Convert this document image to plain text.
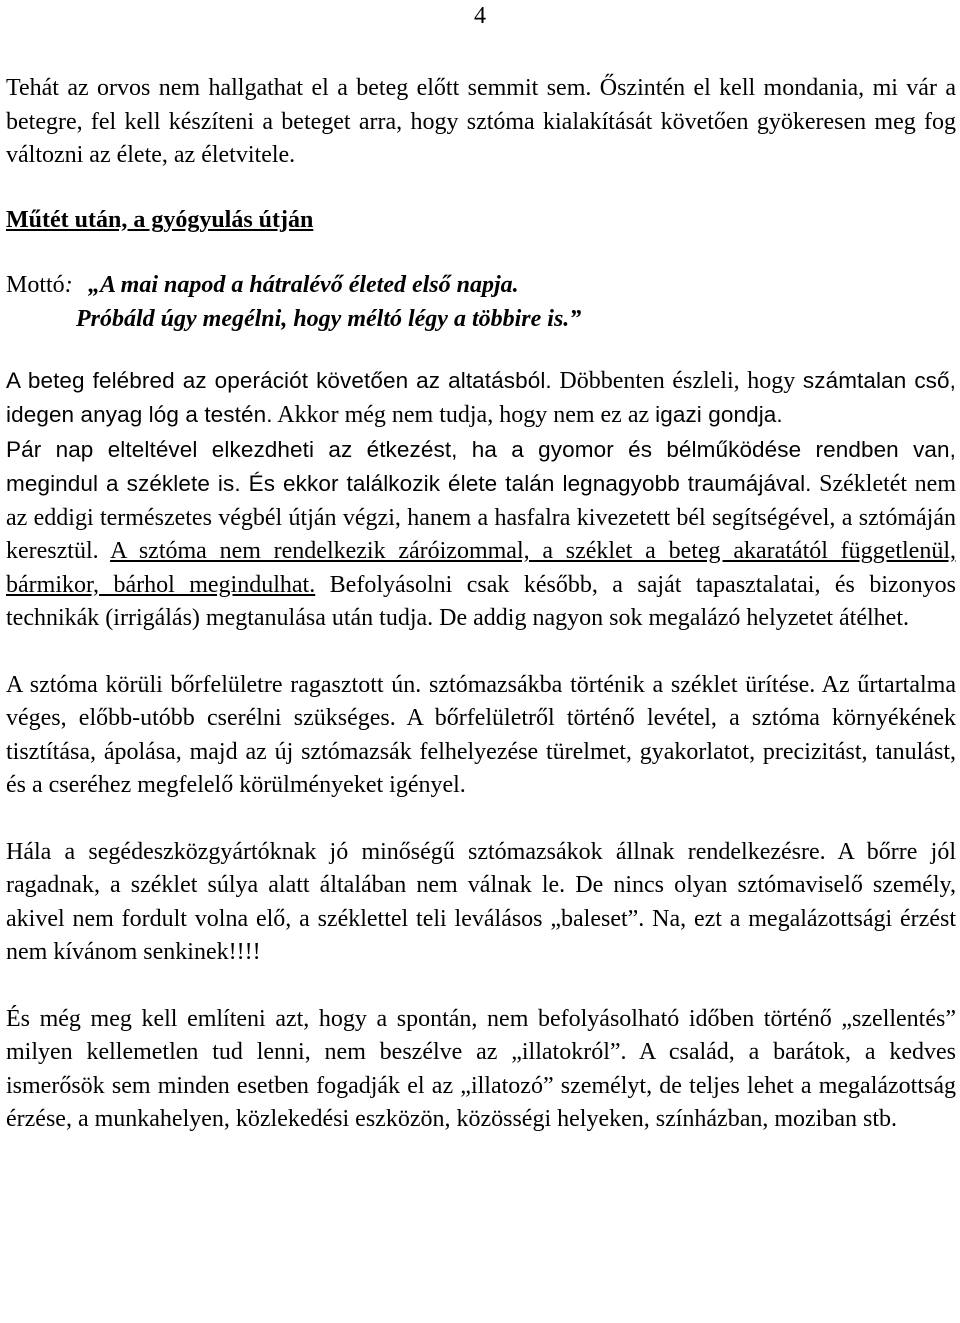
4

Tehát az orvos nem hallgathat el a beteg előtt semmit sem. Őszintén el kell mondania, mi vár a betegre, fel kell készíteni a beteget arra, hogy sztóma kialakítását követően gyökeresen meg fog változni az élete, az életvitele.

Műtét után, a gyógyulás útján
Mottó: „A mai napod a hátralévő életed első napja.
Próbáld úgy megélni, hogy méltó légy a többire is.”

A beteg felébred az operációt követően az altatásból. Döbbenten észleli, hogy számtalan cső, idegen anyag lóg a testén. Akkor még nem tudja, hogy nem ez az igazi gondja.

Pár nap elteltével elkezdheti az étkezést, ha a gyomor és bélműködése rendben van, megindul a széklete is. És ekkor találkozik élete talán legnagyobb traumájával. Székletét nem az eddigi természetes végbél útján végzi, hanem a hasfalra kivezetett bél segítségével, a sztómáján keresztül. A sztóma nem rendelkezik záróizommal, a széklet a beteg akaratától függetlenül, bármikor, bárhol megindulhat. Befolyásolni csak később, a saját tapasztalatai, és bizonyos technikák (irrigálás) megtanulása után tudja. De addig nagyon sok megalázó helyzetet átélhet.

A sztóma körüli bőrfelületre ragasztott ún. sztómazsákba történik a széklet ürítése. Az űrtartalma véges, előbb-utóbb cserélni szükséges. A bőrfelületről történő levétel, a sztóma környékének tisztítása, ápolása, majd az új sztómazsák felhelyezése türelmet, gyakorlatot, precizitást, tanulást, és a cseréhez megfelelő körülményeket igényel.

Hála a segédeszközgyártóknak jó minőségű sztómazsákok állnak rendelkezésre. A bőrre jól ragadnak, a széklet súlya alatt általában nem válnak le. De nincs olyan sztómaviselő személy, akivel nem fordult volna elő, a széklettel teli leválásos „baleset”. Na, ezt a megalázottsági érzést nem kívánom senkinek!!!!

És még meg kell említeni azt, hogy a spontán, nem befolyásolható időben történő „szellentés” milyen kellemetlen tud lenni, nem beszélve az „illatokról”. A család, a barátok, a kedves ismerősök sem minden esetben fogadják el az „illatozó” személyt, de teljes lehet a megalázottság érzése, a munkahelyen, közlekedési eszközön, közösségi helyeken, színházban, moziban stb.
